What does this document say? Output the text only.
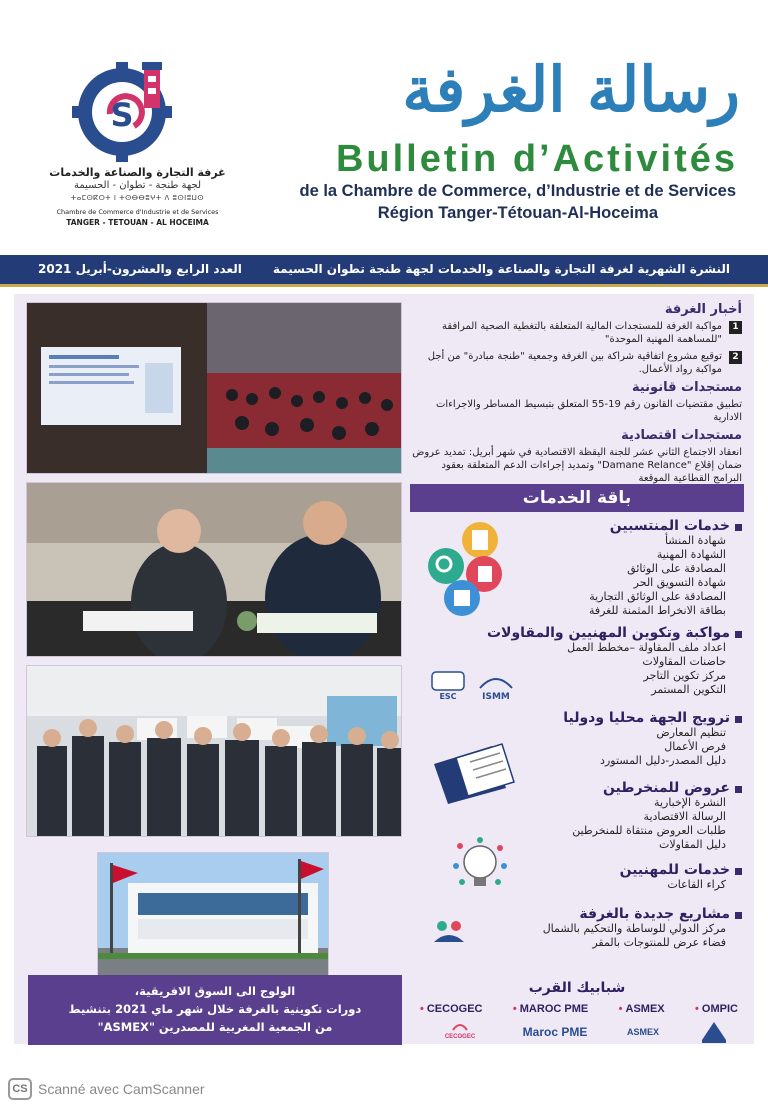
S
غرفة التجارة والصناعة والخدمات
لجهة طنجة - تطوان - الحسيمة
ⵜⴰⵎⵙⴽⵔⵜ ⵏ ⵜⵙⴱⴱⵓⵖⵜ ⴷ ⵓⵙⵏⵓⵡⵙ
Chambre de Commerce d'Industrie et de Services
TANGER - TETOUAN - AL HOCEIMA
رسالة الغرفة
Bulletin d’Activités
de la Chambre de Commerce, d’Industrie et de Services
Région Tanger-Tétouan-Al-Hoceima
العدد الرابع والعشرون-أبريل 2021	النشرة الشهرية لغرفة التجارة والصناعة والخدمات لجهة طنجة تطوان الحسيمة
الولوج الى السوق الافريقية،
دورات تكوينية بالغرفة خلال شهر ماي 2021 بتنشيط
من الجمعية المغربية للمصدرين "ASMEX"
أخبار الغرفة
1
مواكبة الغرفة للمستجدات المالية المتعلقة بالتغطية الصحية المرافقة "للمساهمة المهنية الموحدة"
2
توقيع مشروع اتفاقية شراكة بين الغرفة وجمعية "طنجة مبادرة" من أجل مواكبة رواد الأعمال.
مستجدات قانونية
تطبيق مقتضيات القانون رقم 19-55 المتعلق بتبسيط المساطر والاجراءات الادارية
مستجدات اقتصادية
انعقاد الاجتماع الثاني عشر للجنة اليقظة الاقتصادية في شهر أبريل: تمديد عروض ضمان إقلاع "Damane Relance" وتمديد إجراءات الدعم المتعلقة بعقود البرامج القطاعية الموقعة
باقة الخدمات
خدمات المنتسبين
شهادة المنشأ
الشهادة المهنية
المصادقة على الوثائق
شهادة التسويق الحر
المصادقة على الوثائق التجارية
بطاقة الانخراط المثمنة للغرفة
مواكبة وتكوين المهنيين والمقاولات
اعداد ملف المقاولة –مخطط العمل
حاضنات المقاولات
مركز تكوين التاجر
التكوين المستمر
ترويج الجهة محليا ودوليا
تنظيم المعارض
فرص الأعمال
دليل المصدر-دليل المستورد
عروض للمنخرطين
النشرة الإخبارية
الرسالة الاقتصادية
طلبات العروض منتقاة للمنخرطين
دليل المقاولات
خدمات للمهنيين
كراء القاعات
مشاريع جديدة بالغرفة
مركز الدولي للوساطة والتحكيم بالشمال
فضاء عرض للمنتوجات بالمقر
ESC	ISMM
شبابيك القرب
• CECOGEC	• MAROC PME	• ASMEX	• OMPIC
CECOGEC	Maroc PME	ASMEX
CS Scanné avec CamScanner
